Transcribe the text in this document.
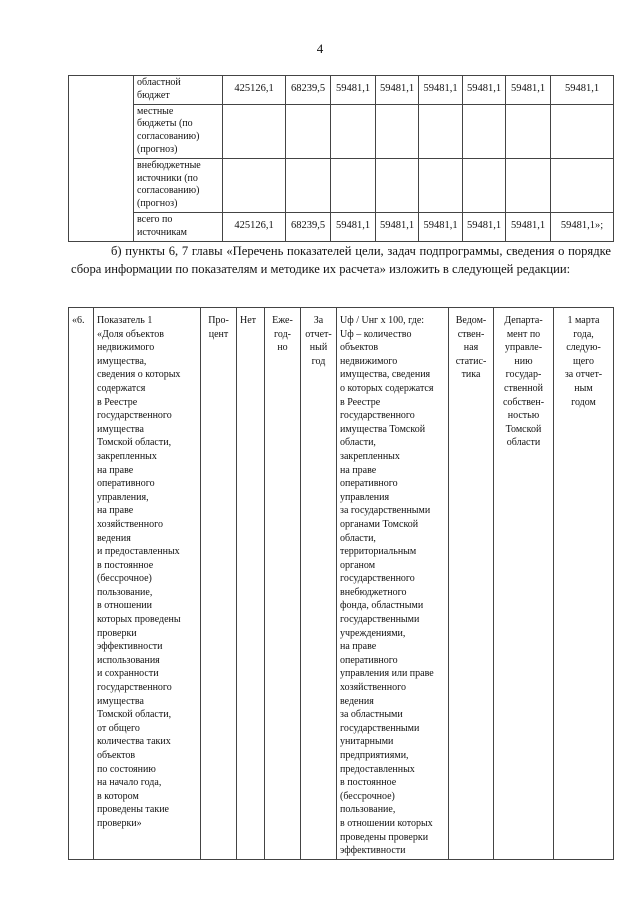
4
	областной
бюджет	425126,1	68239,5	59481,1	59481,1	59481,1	59481,1	59481,1	59481,1
	местные
бюджеты (по
согласованию)
(прогноз)								
	внебюджетные
источники (по
согласованию)
(прогноз)								
	всего по
источникам	425126,1	68239,5	59481,1	59481,1	59481,1	59481,1	59481,1	59481,1»;
б) пункты 6, 7 главы «Перечень показателей цели, задач подпрограммы, сведения о порядке сбора информации по показателям и методике их расчета» изложить в следующей редакции:
«6.	Показатель 1
«Доля объектов
недвижимого
имущества,
сведения о которых
содержатся
в Реестре
государственного
имущества
Томской области,
закрепленных
на праве
оперативного
управления,
на праве
хозяйственного
ведения
и предоставленных
в постоянное
(бессрочное)
пользование,
в отношении
которых проведены
проверки
эффективности
использования
и сохранности
государственного
имущества
Томской области,
от общего
количества таких
объектов
по состоянию
на начало года,
в котором
проведены такие
проверки»	Про-
цент	Нет	Еже-
год-
но	За
отчет-
ный
год	Uф / Uнг х 100, где:
Uф – количество
объектов
недвижимого
имущества, сведения
о которых содержатся
в Реестре
государственного
имущества Томской
области,
закрепленных
на праве
оперативного
управления
за государственными
органами Томской
области,
территориальным
органом
государственного
внебюджетного
фонда, областными
государственными
учреждениями,
на праве
оперативного
управления или праве
хозяйственного
ведения
за областными
государственными
унитарными
предприятиями,
предоставленных
в постоянное
(бессрочное)
пользование,
в отношении которых
проведены проверки
эффективности	Ведом-
ствен-
ная
статис-
тика	Департа-
мент по
управле-
нию
государ-
ственной
собствен-
ностью
Томской
области	1 марта
года,
следую-
щего
за отчет-
ным
годом
